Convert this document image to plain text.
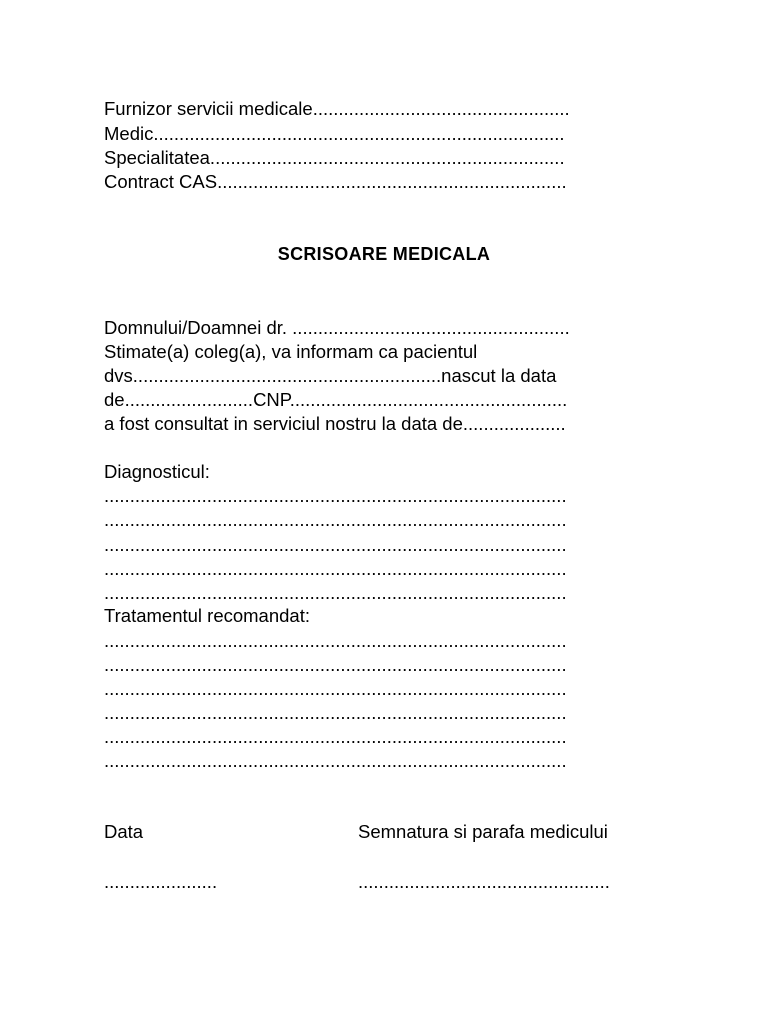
Furnizor servicii medicale..................................................
Medic................................................................................
Specialitatea.....................................................................
Contract CAS....................................................................
SCRISOARE MEDICALA
Domnului/Doamnei dr. ......................................................
Stimate(a) coleg(a), va informam ca pacientul
dvs............................................................nascut la data
de.........................CNP......................................................
a fost consultat in serviciul nostru la data de....................
Diagnosticul:
..........................................................................................
..........................................................................................
..........................................................................................
..........................................................................................
..........................................................................................
Tratamentul recomandat:
..........................................................................................
..........................................................................................
..........................................................................................
..........................................................................................
..........................................................................................
..........................................................................................
Data	Semnatura si parafa medicului
......................	.................................................
